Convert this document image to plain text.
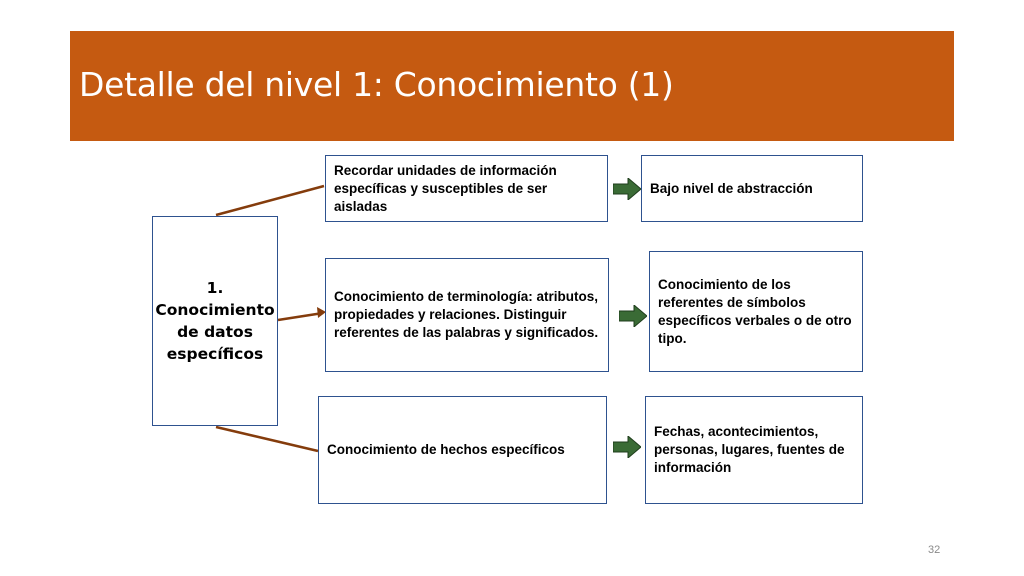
Detalle del nivel 1: Conocimiento (1)
1. Conocimiento de datos específicos
Recordar unidades de información específicas y susceptibles de ser aisladas
Bajo nivel de abstracción
Conocimiento de terminología: atributos, propiedades y relaciones. Distinguir referentes de las palabras y significados.
Conocimiento de los referentes de símbolos específicos verbales o de otro tipo.
Conocimiento de hechos específicos
Fechas, acontecimientos, personas, lugares, fuentes de información
32
